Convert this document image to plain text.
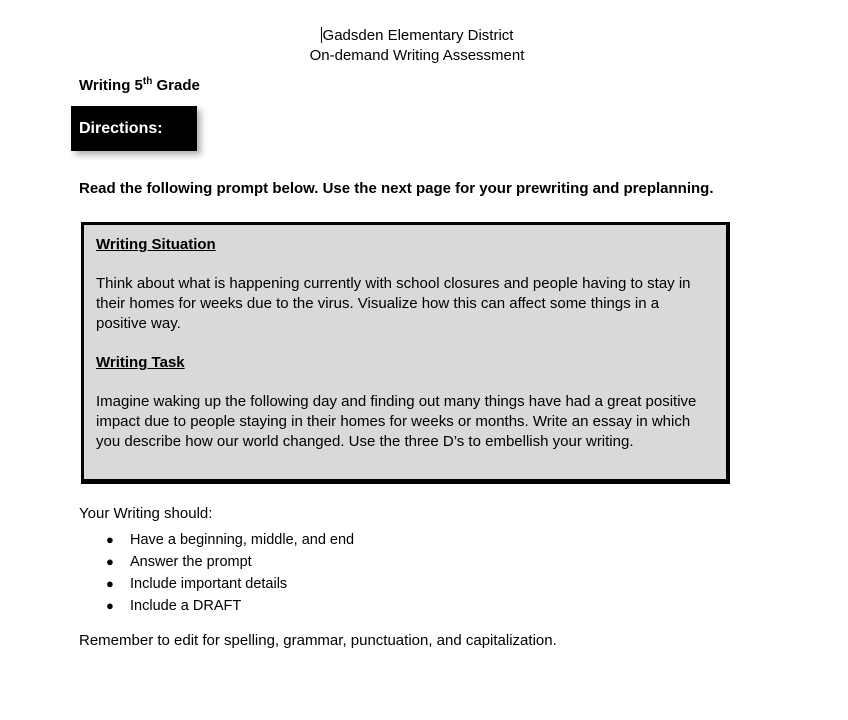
Gadsden Elementary District
On-demand Writing Assessment
Writing 5th Grade
Directions:
Read the following prompt below. Use the next page for your prewriting and preplanning.
Writing Situation
Think about what is happening currently with school closures and people having to stay in their homes for weeks due to the virus. Visualize how this can affect some things in a positive way.
Writing Task
Imagine waking up the following day and finding out many things have had a great positive impact due to people staying in their homes for weeks or months. Write an essay in which you describe how our world changed. Use the three D’s to embellish your writing.
Your Writing should:
● Have a beginning, middle, and end
● Answer the prompt
● Include important details
● Include a DRAFT
Remember to edit for spelling, grammar, punctuation, and capitalization.
